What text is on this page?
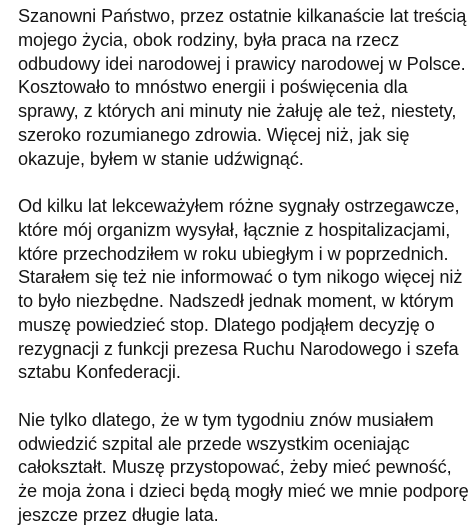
Szanowni Państwo, przez ostatnie kilkanaście lat treścią
mojego życia, obok rodziny, była praca na rzecz
odbudowy idei narodowej i prawicy narodowej w Polsce.
Kosztowało to mnóstwo energii i poświęcenia dla
sprawy, z których ani minuty nie żałuję ale też, niestety,
szeroko rozumianego zdrowia. Więcej niż, jak się
okazuje, byłem w stanie udźwignąć.

Od kilku lat lekceważyłem różne sygnały ostrzegawcze,
które mój organizm wysyłał, łącznie z hospitalizacjami,
które przechodziłem w roku ubiegłym i w poprzednich.
Starałem się też nie informować o tym nikogo więcej niż
to było niezbędne. Nadszedł jednak moment, w którym
muszę powiedzieć stop. Dlatego podjąłem decyzję o
rezygnacji z funkcji prezesa Ruchu Narodowego i szefa
sztabu Konfederacji.

Nie tylko dlatego, że w tym tygodniu znów musiałem
odwiedzić szpital ale przede wszystkim oceniając
całokształt. Muszę przystopować, żeby mieć pewność,
że moja żona i dzieci będą mogły mieć we mnie podporę
jeszcze przez długie lata.
